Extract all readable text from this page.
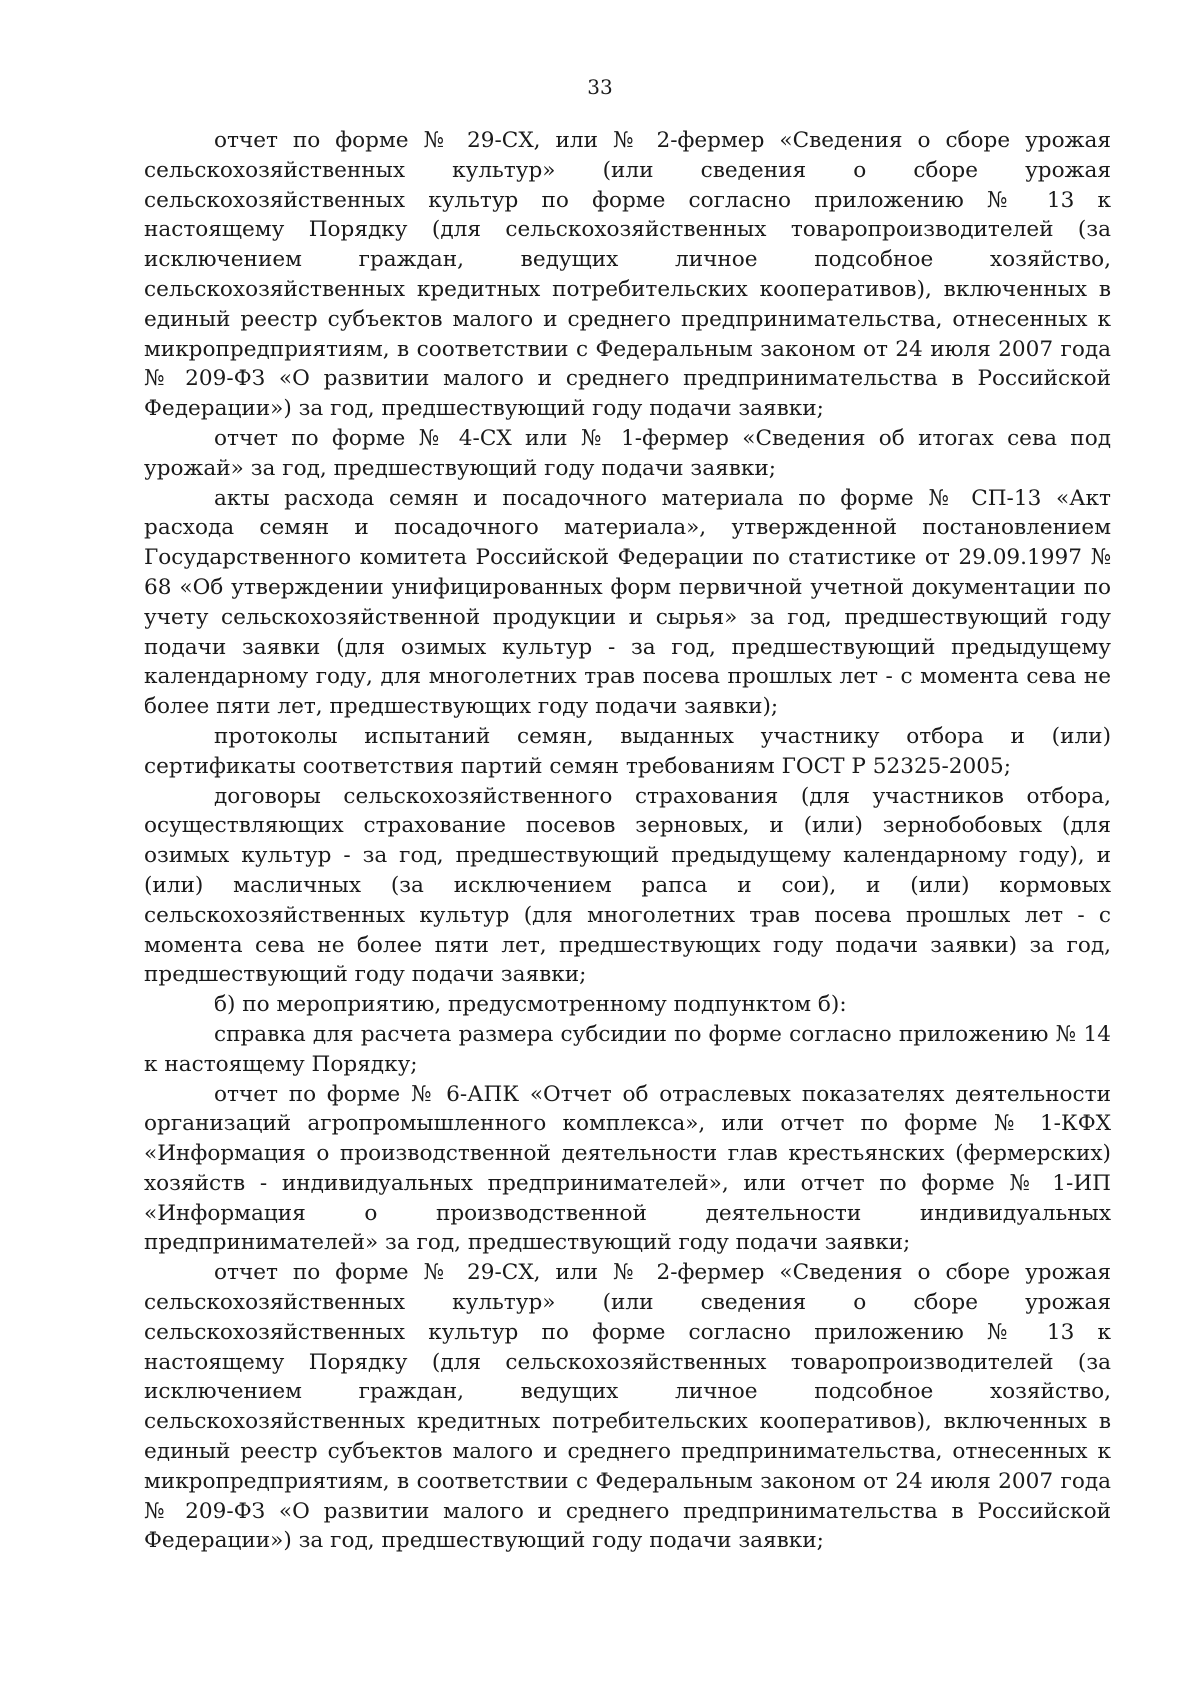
33

отчет по форме № 29-СХ, или № 2-фермер «Сведения о сборе урожая сельскохозяйственных культур» (или сведения о сборе урожая сельскохозяйственных культур по форме согласно приложению № 13 к настоящему Порядку (для сельскохозяйственных товаропроизводителей (за исключением граждан, ведущих личное подсобное хозяйство, сельскохозяйственных кредитных потребительских кооперативов), включенных в единый реестр субъектов малого и среднего предпринимательства, отнесенных к микропредприятиям, в соответствии с Федеральным законом от 24 июля 2007 года № 209-ФЗ «О развитии малого и среднего предпринимательства в Российской Федерации») за год, предшествующий году подачи заявки;

отчет по форме № 4-СХ или № 1-фермер «Сведения об итогах сева под урожай» за год, предшествующий году подачи заявки;

акты расхода семян и посадочного материала по форме № СП-13 «Акт расхода семян и посадочного материала», утвержденной постановлением Государственного комитета Российской Федерации по статистике от 29.09.1997 № 68 «Об утверждении унифицированных форм первичной учетной документации по учету сельскохозяйственной продукции и сырья» за год, предшествующий году подачи заявки (для озимых культур - за год, предшествующий предыдущему календарному году, для многолетних трав посева прошлых лет - с момента сева не более пяти лет, предшествующих году подачи заявки);

протоколы испытаний семян, выданных участнику отбора и (или) сертификаты соответствия партий семян требованиям ГОСТ Р 52325-2005;

договоры сельскохозяйственного страхования (для участников отбора, осуществляющих страхование посевов зерновых, и (или) зернобобовых (для озимых культур - за год, предшествующий предыдущему календарному году), и (или) масличных (за исключением рапса и сои), и (или) кормовых сельскохозяйственных культур (для многолетних трав посева прошлых лет - с момента сева не более пяти лет, предшествующих году подачи заявки) за год, предшествующий году подачи заявки;

б) по мероприятию, предусмотренному подпунктом б):

справка для расчета размера субсидии по форме согласно приложению № 14 к настоящему Порядку;

отчет по форме № 6-АПК «Отчет об отраслевых показателях деятельности организаций агропромышленного комплекса», или отчет по форме № 1-КФХ «Информация о производственной деятельности глав крестьянских (фермерских) хозяйств - индивидуальных предпринимателей», или отчет по форме № 1-ИП «Информация о производственной деятельности индивидуальных предпринимателей» за год, предшествующий году подачи заявки;

отчет по форме № 29-СХ, или № 2-фермер «Сведения о сборе урожая сельскохозяйственных культур» (или сведения о сборе урожая сельскохозяйственных культур по форме согласно приложению № 13 к настоящему Порядку (для сельскохозяйственных товаропроизводителей (за исключением граждан, ведущих личное подсобное хозяйство, сельскохозяйственных кредитных потребительских кооперативов), включенных в единый реестр субъектов малого и среднего предпринимательства, отнесенных к микропредприятиям, в соответствии с Федеральным законом от 24 июля 2007 года № 209-ФЗ «О развитии малого и среднего предпринимательства в Российской Федерации») за год, предшествующий году подачи заявки;
